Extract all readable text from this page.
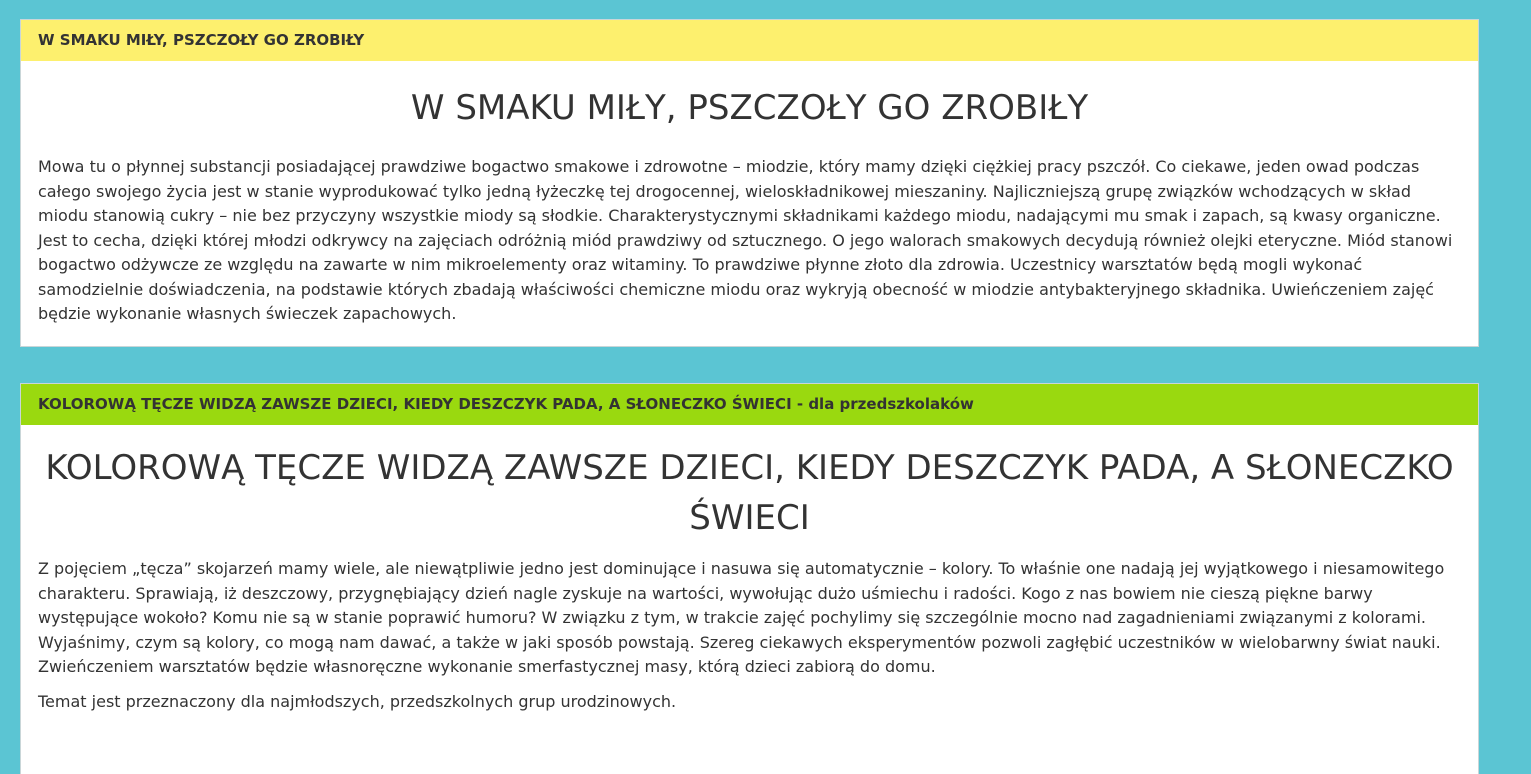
W SMAKU MIŁY, PSZCZOŁY GO ZROBIŁY
W SMAKU MIŁY, PSZCZOŁY GO ZROBIŁY

Mowa tu o płynnej substancji posiadającej prawdziwe bogactwo smakowe i zdrowotne – miodzie, który mamy dzięki ciężkiej pracy pszczół. Co ciekawe, jeden owad podczas całego swojego życia jest w stanie wyprodukować tylko jedną łyżeczkę tej drogocennej, wieloskładnikowej mieszaniny. Najliczniejszą grupę związków wchodzących w skład miodu stanowią cukry – nie bez przyczyny wszystkie miody są słodkie. Charakterystycznymi składnikami każdego miodu, nadającymi mu smak i zapach, są kwasy organiczne. Jest to cecha, dzięki której młodzi odkrywcy na zajęciach odróżnią miód prawdziwy od sztucznego. O jego walorach smakowych decydują również olejki eteryczne. Miód stanowi bogactwo odżywcze ze względu na zawarte w nim mikroelementy oraz witaminy. To prawdziwe płynne złoto dla zdrowia. Uczestnicy warsztatów będą mogli wykonać samodzielnie doświadczenia, na podstawie których zbadają właściwości chemiczne miodu oraz wykryją obecność w miodzie antybakteryjnego składnika. Uwieńczeniem zajęć będzie wykonanie własnych świeczek zapachowych.

KOLOROWĄ TĘCZE WIDZĄ ZAWSZE DZIECI, KIEDY DESZCZYK PADA, A SŁONECZKO ŚWIECI - dla przedszkolaków
KOLOROWĄ TĘCZE WIDZĄ ZAWSZE DZIECI, KIEDY DESZCZYK PADA, A SŁONECZKO ŚWIECI

Z pojęciem „tęcza” skojarzeń mamy wiele, ale niewątpliwie jedno jest dominujące i nasuwa się automatycznie – kolory. To właśnie one nadają jej wyjątkowego i niesamowitego charakteru. Sprawiają, iż deszczowy, przygnębiający dzień nagle zyskuje na wartości, wywołując dużo uśmiechu i radości. Kogo z nas bowiem nie cieszą piękne barwy występujące wokoło? Komu nie są w stanie poprawić humoru? W związku z tym, w trakcie zajęć pochylimy się szczególnie mocno nad zagadnieniami związanymi z kolorami. Wyjaśnimy, czym są kolory, co mogą nam dawać, a także w jaki sposób powstają. Szereg ciekawych eksperymentów pozwoli zagłębić uczestników w wielobarwny świat nauki. Zwieńczeniem warsztatów będzie własnoręczne wykonanie smerfastycznej masy, którą dzieci zabiorą do domu.

Temat jest przeznaczony dla najmłodszych, przedszkolnych grup urodzinowych.
